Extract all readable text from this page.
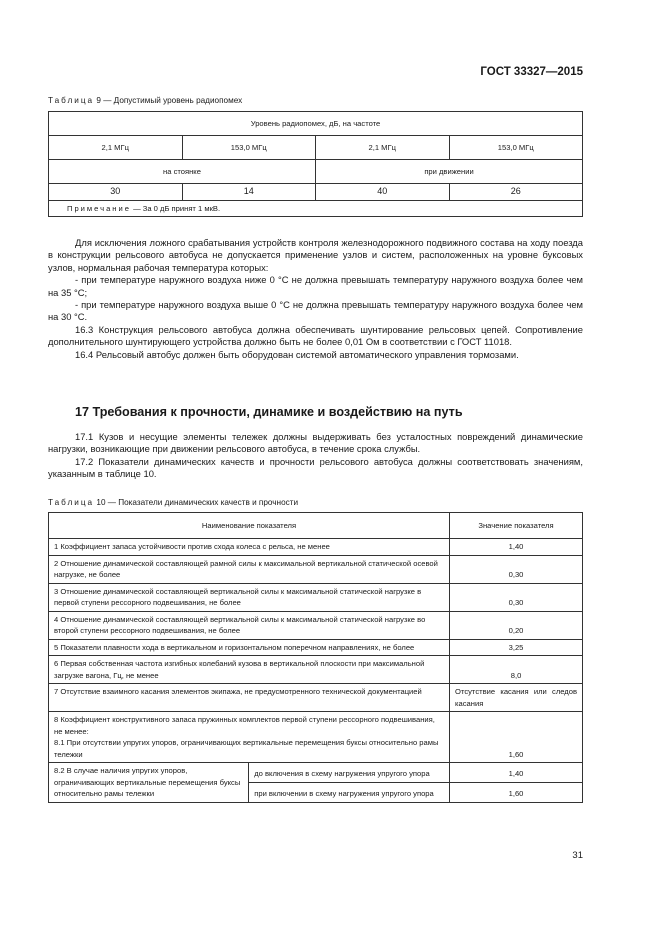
ГОСТ 33327—2015
Таблица 9 — Допустимый уровень радиопомех
Уровень радиопомех, дБ, на частоте			
2,1 МГц	153,0 МГц	2,1 МГц	153,0 МГц
на стоянке		при движении	
30	14	40	26
Примечание — За 0 дБ принят 1 мкВ.			

Для исключения ложного срабатывания устройств контроля железнодорожного подвижного состава на ходу поезда в конструкции рельсового автобуса не допускается применение узлов и систем, расположенных на уровне буксовых узлов, нормальная рабочая температура которых:

- при температуре наружного воздуха ниже 0 °С не должна превышать температуру наружного воздуха более чем на 35 °С;

- при температуре наружного воздуха выше 0 °С не должна превышать температуру наружного воздуха более чем на 30 °С.

16.3 Конструкция рельсового автобуса должна обеспечивать шунтирование рельсовых цепей. Сопротивление дополнительного шунтирующего устройства должно быть не более 0,01 Ом в соответствии с ГОСТ 11018.

16.4 Рельсовый автобус должен быть оборудован системой автоматического управления тормозами.

17 Требования к прочности, динамике и воздействию на путь

17.1 Кузов и несущие элементы тележек должны выдерживать без усталостных повреждений динамические нагрузки, возникающие при движении рельсового автобуса, в течение срока службы.

17.2 Показатели динамических качеств и прочности рельсового автобуса должны соответствовать значениям, указанным в таблице 10.

Таблица 10 — Показатели динамических качеств и прочности
Наименование показателя		Значение показателя
1 Коэффициент запаса устойчивости против схода колеса с рельса, не менее		1,40
2 Отношение динамической составляющей рамной силы к максимальной вертикальной статической осевой нагрузке, не более		0,30
3 Отношение динамической составляющей вертикальной силы к максимальной статической нагрузке в первой ступени рессорного подвешивания, не более		0,30
4 Отношение динамической составляющей вертикальной силы к максимальной статической нагрузке во второй ступени рессорного подвешивания, не более		0,20
5 Показатели плавности хода в вертикальном и горизонтальном поперечном направлениях, не более		3,25
6 Первая собственная частота изгибных колебаний кузова в вертикальной плоскости при максимальной загрузке вагона, Гц, не менее		8,0
7 Отсутствие взаимного касания элементов экипажа, не предусмотренного технической документацией		Отсутствие касания или следов касания

8 Коэффициент конструктивного запаса пружинных комплектов первой ступени рессорного подвешивания, не менее:
8.1 При отсутствии упругих упоров, ограничивающих вертикальные перемещения буксы относительно рамы тележки		1,60
8.2 В случае наличия упругих упоров, ограничивающих вертикальные перемещения буксы относительно рамы тележки	до включения в схему нагружения упругого упора	1,40
	при включении в схему нагружения упругого упора	1,60
31
